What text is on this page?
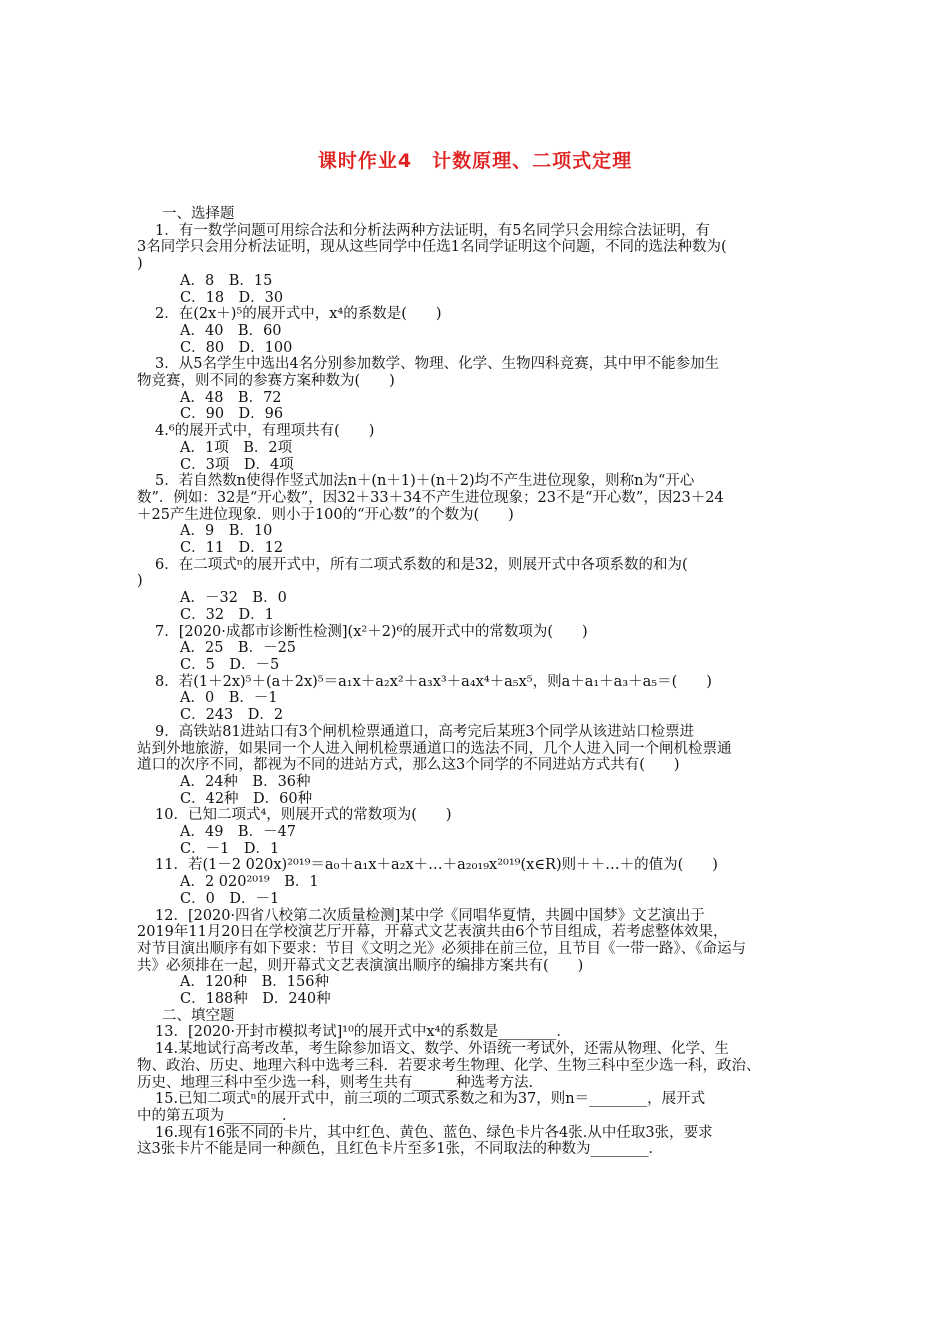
课时作业4　计数原理、二项式定理
一、选择题
1．有一数学问题可用综合法和分析法两种方法证明，有5名同学只会用综合法证明，有
3名同学只会用分析法证明，现从这些同学中任选1名同学证明这个问题，不同的选法种数为(
)
A．8　B．15
C．18　D．30
2．在(2x＋)⁵的展开式中，x⁴的系数是(　　)
A．40　B．60
C．80　D．100
3．从5名学生中选出4名分别参加数学、物理、化学、生物四科竞赛，其中甲不能参加生
物竞赛，则不同的参赛方案种数为(　　)
A．48　B．72
C．90　D．96
4.⁶的展开式中，有理项共有(　　)
A．1项　B．2项
C．3项　D．4项
5．若自然数n使得作竖式加法n＋(n＋1)＋(n＋2)均不产生进位现象，则称n为“开心
数”．例如：32是“开心数”，因32＋33＋34不产生进位现象；23不是“开心数”，因23＋24
＋25产生进位现象．则小于100的“开心数”的个数为(　　)
A．9　B．10
C．11　D．12
6．在二项式ⁿ的展开式中，所有二项式系数的和是32，则展开式中各项系数的和为(
)
A．－32　B．0
C．32　D．1
7．[2020·成都市诊断性检测](x²＋2)⁶的展开式中的常数项为(　　)
A．25　B．－25
C．5　D．－5
8．若(1＋2x)⁵＋(a＋2x)⁵＝a₁x＋a₂x²＋a₃x³＋a₄x⁴＋a₅x⁵，则a＋a₁＋a₃＋a₅＝(　　)
A．0　B．－1
C．243　D．2
9．高铁站81进站口有3个闸机检票通道口，高考完后某班3个同学从该进站口检票进
站到外地旅游，如果同一个人进入闸机检票通道口的选法不同，几个人进入同一个闸机检票通
道口的次序不同，都视为不同的进站方式，那么这3个同学的不同进站方式共有(　　)
A．24种　B．36种
C．42种　D．60种
10．已知二项式⁴，则展开式的常数项为(　　)
A．49　B．－47
C．－1　D．1
11．若(1－2 020x)²⁰¹⁹＝a₀＋a₁x＋a₂x＋…＋a₂₀₁₉x²⁰¹⁹(x∈R)则＋＋…＋的值为(　　)
A．2 020²⁰¹⁹　B．1
C．0　D．－1
12．[2020·四省八校第二次质量检测]某中学《同唱华夏情，共圆中国梦》文艺演出于
2019年11月20日在学校演艺厅开幕，开幕式文艺表演共由6个节目组成，若考虑整体效果，
对节目演出顺序有如下要求：节目《文明之光》必须排在前三位，且节目《一带一路》、《命运与
共》必须排在一起，则开幕式文艺表演演出顺序的编排方案共有(　　)
A．120种　B．156种
C．188种　D．240种
二、填空题
13．[2020·开封市模拟考试]¹⁰的展开式中x⁴的系数是________．
14.某地试行高考改革，考生除参加语文、数学、外语统一考试外，还需从物理、化学、生
物、政治、历史、地理六科中选考三科．若要求考生物理、化学、生物三科中至少选一科，政治、
历史、地理三科中至少选一科，则考生共有______种选考方法.
15.已知二项式ⁿ的展开式中，前三项的二项式系数之和为37，则n＝________，展开式
中的第五项为________．
16.现有16张不同的卡片，其中红色、黄色、蓝色、绿色卡片各4张.从中任取3张，要求
这3张卡片不能是同一种颜色，且红色卡片至多1张，不同取法的种数为________．
